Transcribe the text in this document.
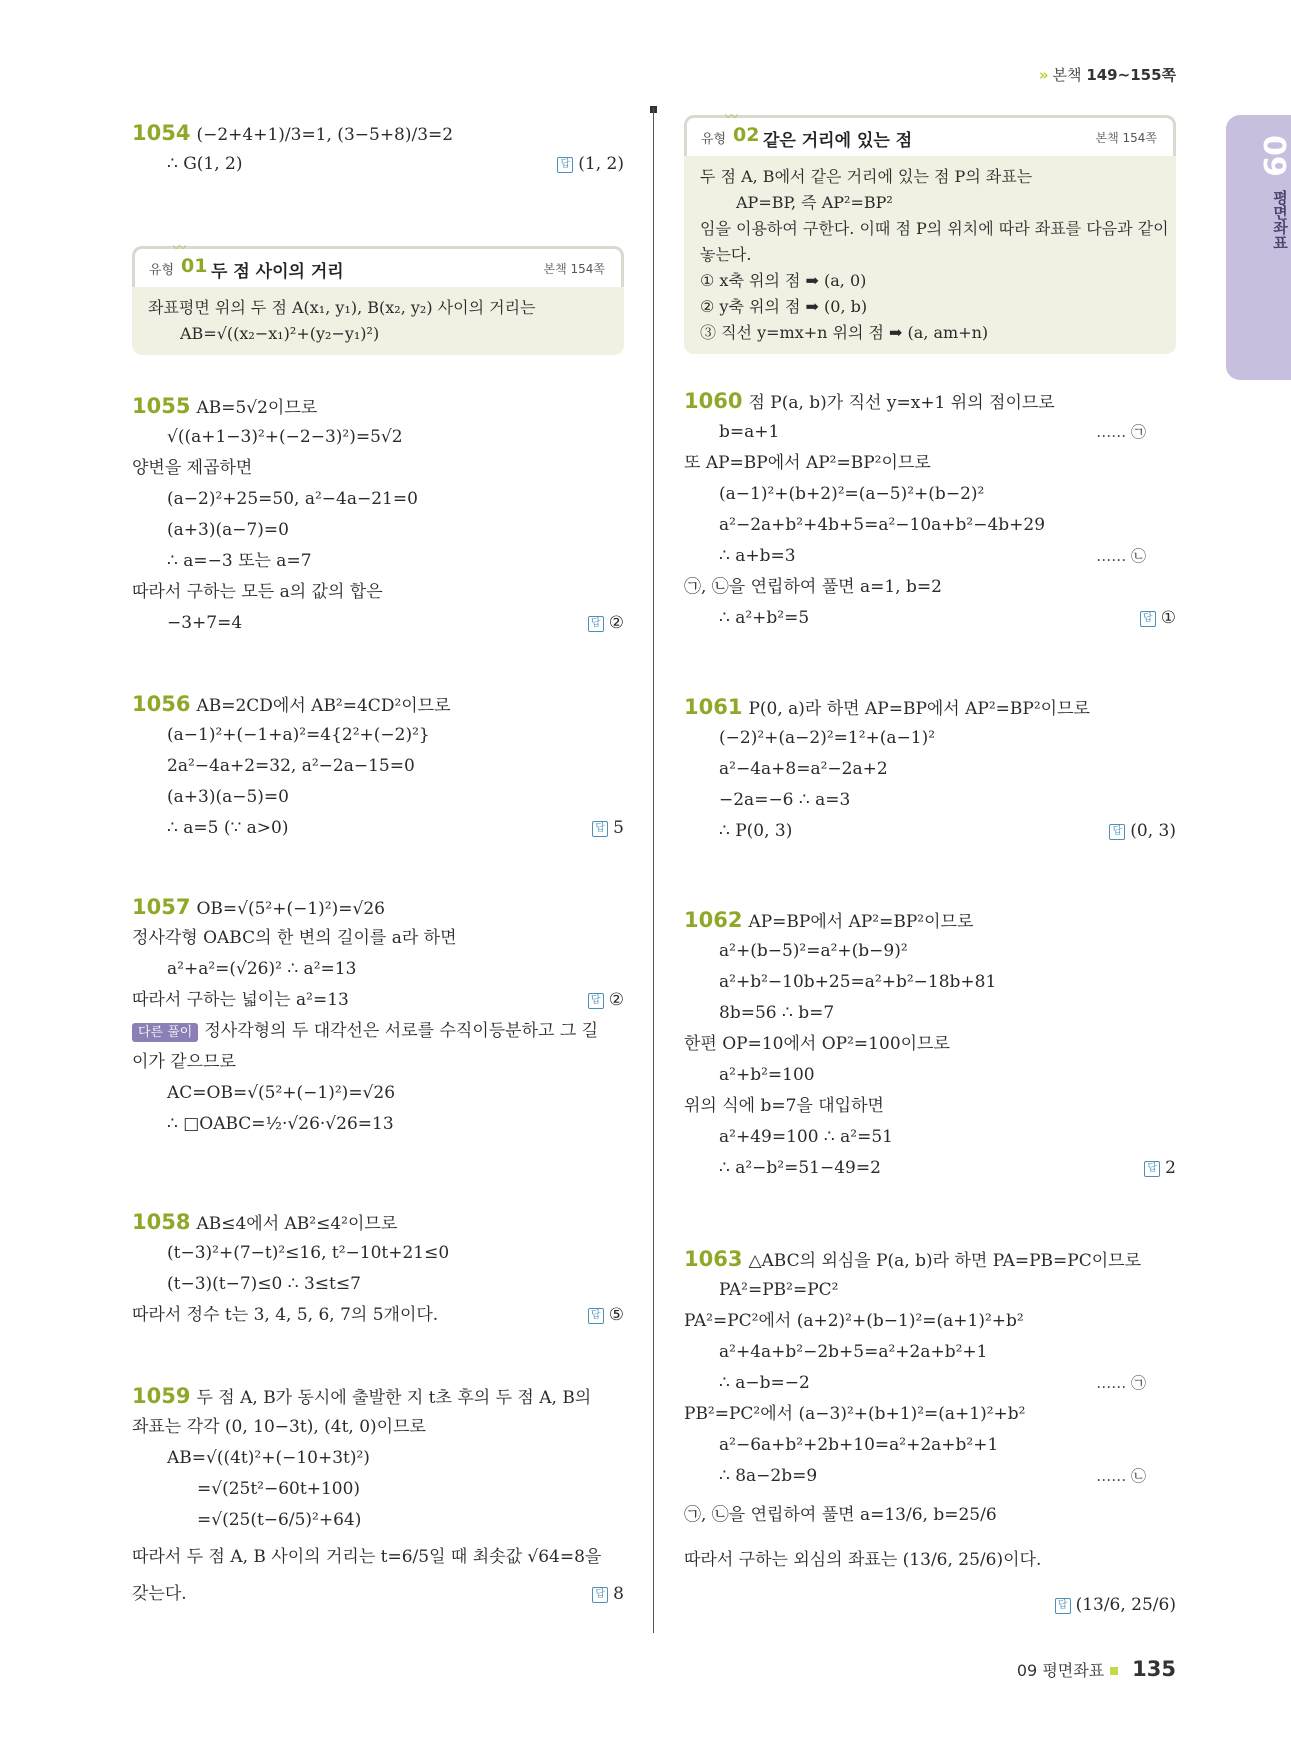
» 본책 149~155쪽
09
평면좌표
1054 (−2+4+1)/3=1, (3−5+8)/3=2
∴ G(1, 2)	답 (1, 2)
〰
유형 01 두 점 사이의 거리	본책 154쪽
좌표평면 위의 두 점 A(x₁, y₁), B(x₂, y₂) 사이의 거리는
AB=√((x₂−x₁)²+(y₂−y₁)²)
1055 AB=5√2이므로
√((a+1−3)²+(−2−3)²)=5√2
양변을 제곱하면
(a−2)²+25=50, a²−4a−21=0
(a+3)(a−7)=0
∴ a=−3 또는 a=7
따라서 구하는 모든 a의 값의 합은
−3+7=4	답 ②
1056 AB=2CD에서 AB²=4CD²이므로
(a−1)²+(−1+a)²=4{2²+(−2)²}
2a²−4a+2=32, a²−2a−15=0
(a+3)(a−5)=0
∴ a=5 (∵ a>0)	답 5
1057 OB=√(5²+(−1)²)=√26
정사각형 OABC의 한 변의 길이를 a라 하면
a²+a²=(√26)² ∴ a²=13
따라서 구하는 넓이는 a²=13	답 ②
다른 풀이 정사각형의 두 대각선은 서로를 수직이등분하고 그 길
이가 같으므로
AC=OB=√(5²+(−1)²)=√26
∴ □OABC=½·√26·√26=13
1058 AB≤4에서 AB²≤4²이므로
(t−3)²+(7−t)²≤16, t²−10t+21≤0
(t−3)(t−7)≤0 ∴ 3≤t≤7
따라서 정수 t는 3, 4, 5, 6, 7의 5개이다.	답 ⑤
1059 두 점 A, B가 동시에 출발한 지 t초 후의 두 점 A, B의
좌표는 각각 (0, 10−3t), (4t, 0)이므로
AB=√((4t)²+(−10+3t)²)
=√(25t²−60t+100)
=√(25(t−6/5)²+64)
따라서 두 점 A, B 사이의 거리는 t=6/5일 때 최솟값 √64=8을
갖는다.	답 8
〰
유형 02 같은 거리에 있는 점	본책 154쪽
두 점 A, B에서 같은 거리에 있는 점 P의 좌표는
AP=BP, 즉 AP²=BP²
임을 이용하여 구한다. 이때 점 P의 위치에 따라 좌표를 다음과 같이
놓는다.
① x축 위의 점 ➡ (a, 0)
② y축 위의 점 ➡ (0, b)
③ 직선 y=mx+n 위의 점 ➡ (a, am+n)
1060 점 P(a, b)가 직선 y=x+1 위의 점이므로
b=a+1	…… ㉠
또 AP=BP에서 AP²=BP²이므로
(a−1)²+(b+2)²=(a−5)²+(b−2)²
a²−2a+b²+4b+5=a²−10a+b²−4b+29
∴ a+b=3	…… ㉡
㉠, ㉡을 연립하여 풀면 a=1, b=2
∴ a²+b²=5	답 ①
1061 P(0, a)라 하면 AP=BP에서 AP²=BP²이므로
(−2)²+(a−2)²=1²+(a−1)²
a²−4a+8=a²−2a+2
−2a=−6 ∴ a=3
∴ P(0, 3)	답 (0, 3)
1062 AP=BP에서 AP²=BP²이므로
a²+(b−5)²=a²+(b−9)²
a²+b²−10b+25=a²+b²−18b+81
8b=56 ∴ b=7
한편 OP=10에서 OP²=100이므로
a²+b²=100
위의 식에 b=7을 대입하면
a²+49=100 ∴ a²=51
∴ a²−b²=51−49=2	답 2
1063 △ABC의 외심을 P(a, b)라 하면 PA=PB=PC이므로
PA²=PB²=PC²
PA²=PC²에서 (a+2)²+(b−1)²=(a+1)²+b²
a²+4a+b²−2b+5=a²+2a+b²+1
∴ a−b=−2	…… ㉠
PB²=PC²에서 (a−3)²+(b+1)²=(a+1)²+b²
a²−6a+b²+2b+10=a²+2a+b²+1
∴ 8a−2b=9	…… ㉡
㉠, ㉡을 연립하여 풀면 a=13/6, b=25/6
따라서 구하는 외심의 좌표는 (13/6, 25/6)이다.
답 (13/6, 25/6)
09 평면좌표 135
